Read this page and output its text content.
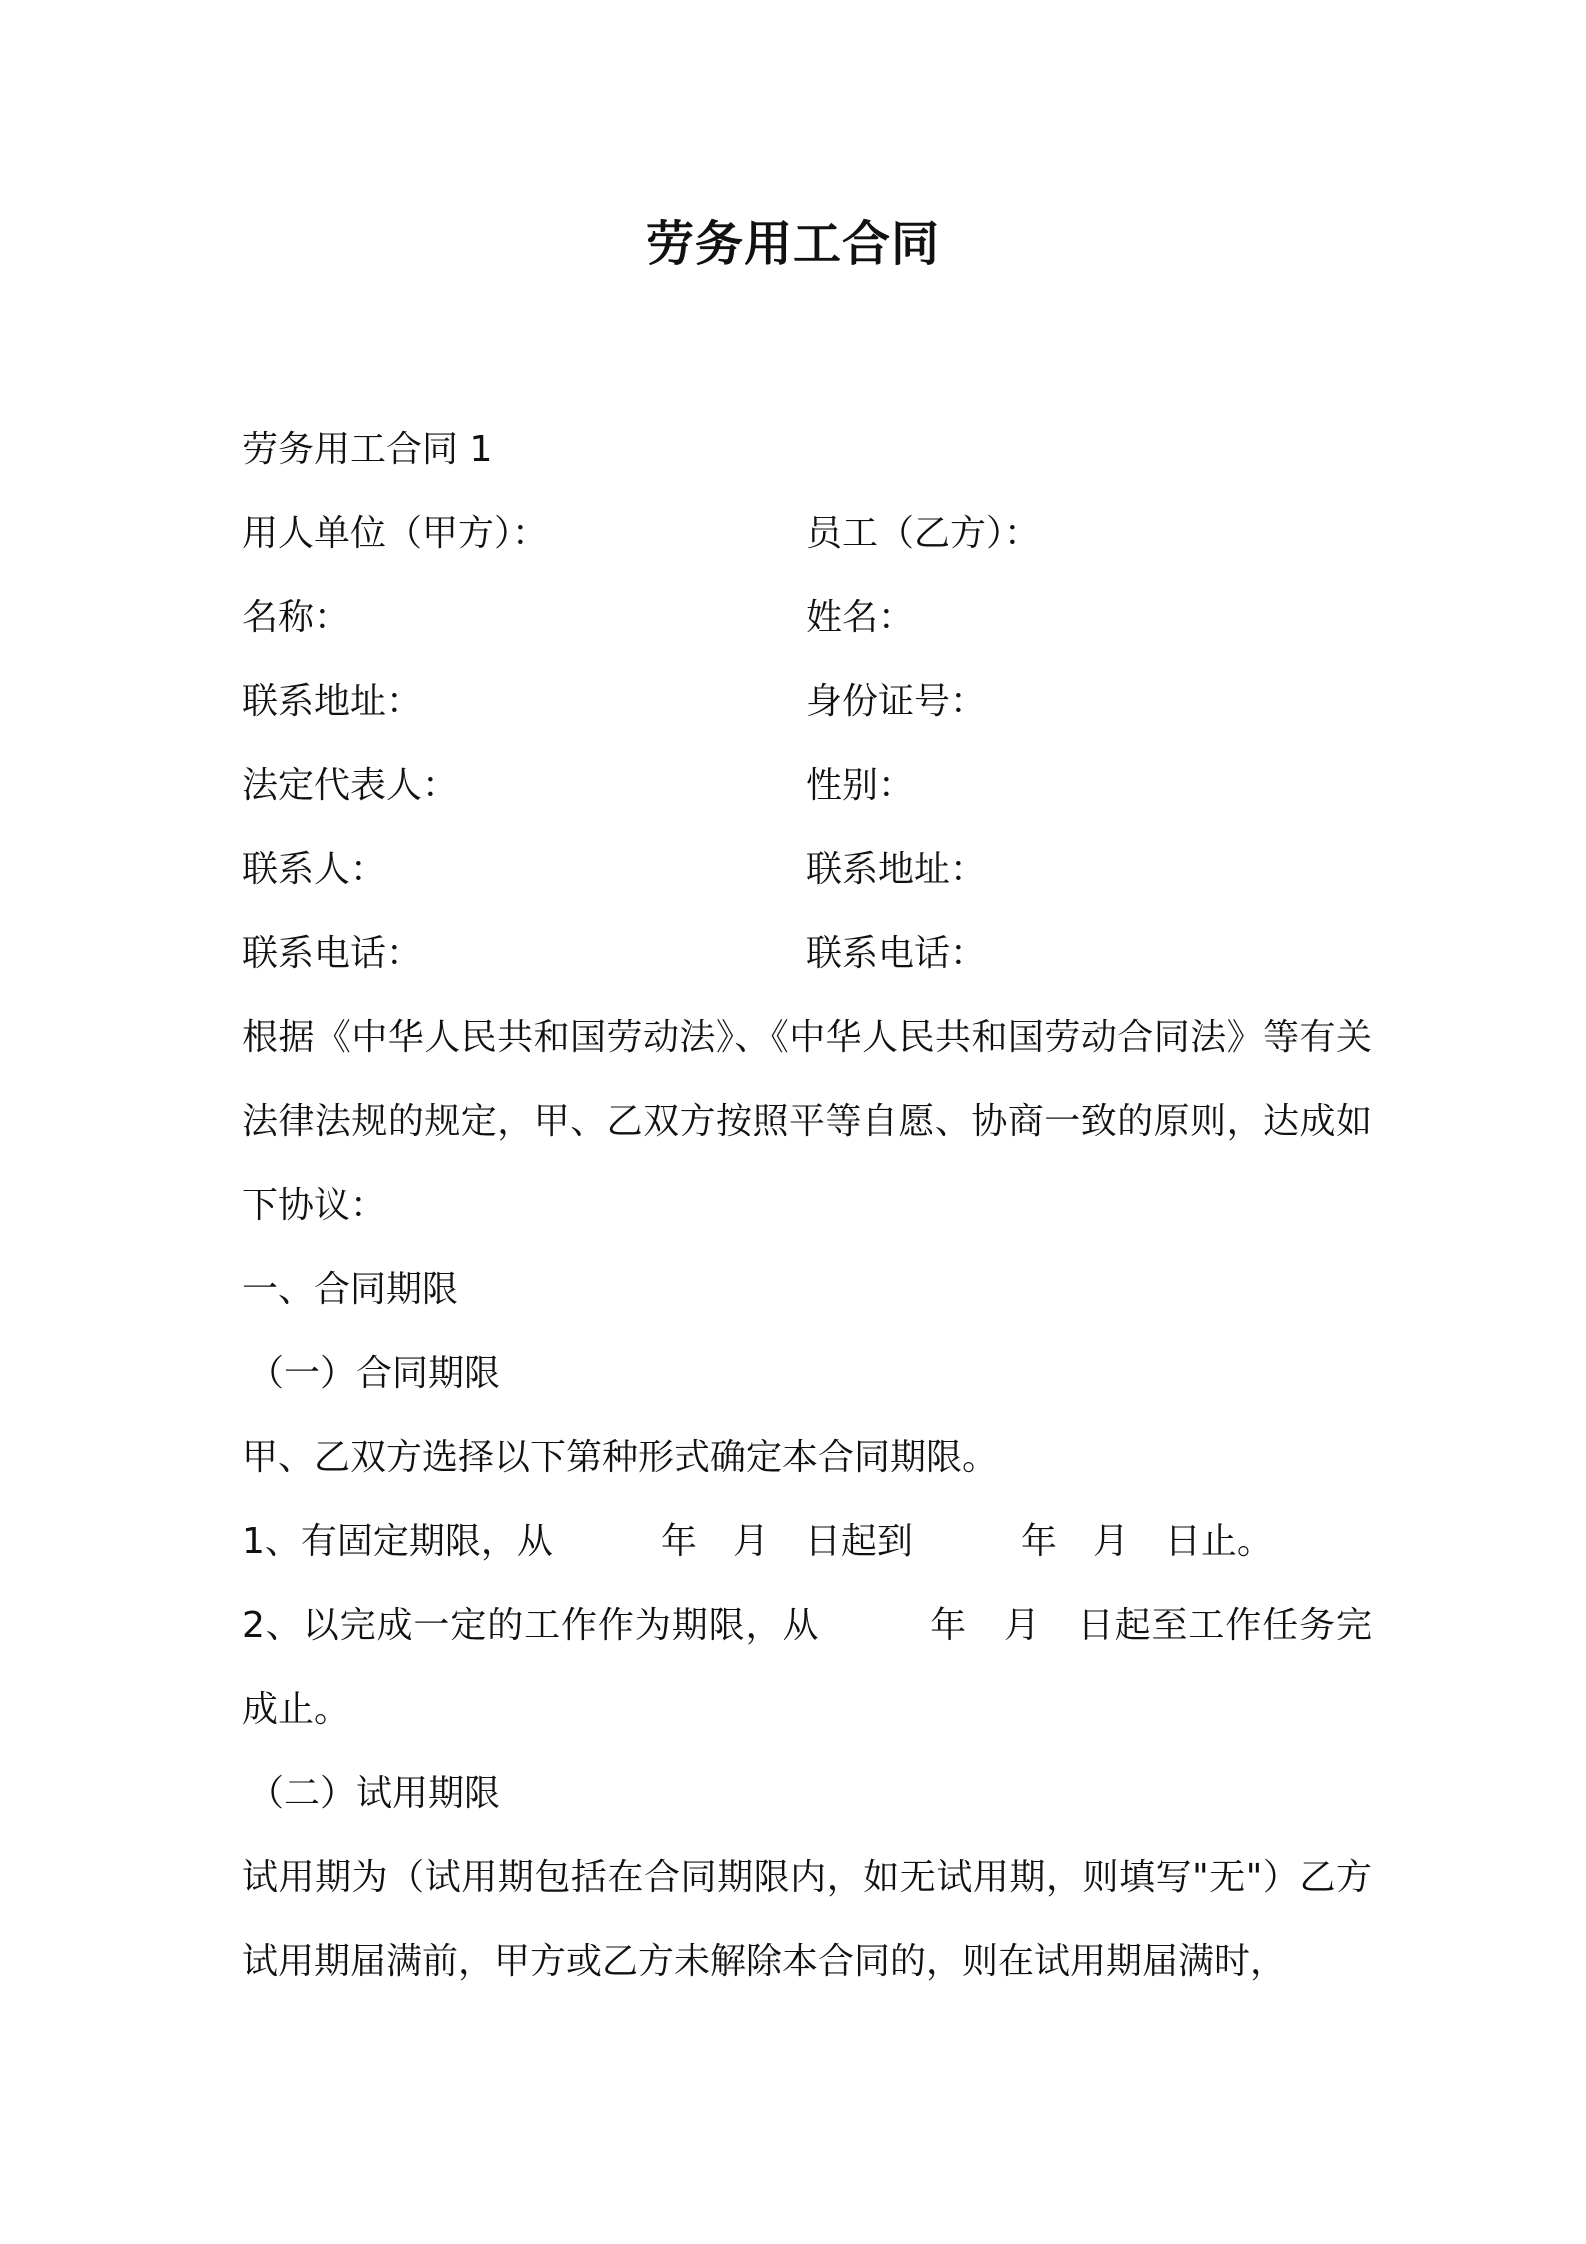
劳务用工合同
劳务用工合同 1
用人单位（甲方）：	员工（乙方）：
名称：	姓名：
联系地址：	身份证号：
法定代表人：	性别：
联系人：	联系地址：
联系电话：	联系电话：
根据《中华人民共和国劳动法》、《中华人民共和国劳动合同法》等有关法律法规的规定，甲、乙双方按照平等自愿、协商一致的原则，达成如下协议：
一、合同期限
（一）合同期限
甲、乙双方选择以下第种形式确定本合同期限。
1、有固定期限，从　　　年　月　日起到　　　年　月　日止。
2、以完成一定的工作作为期限，从　　　年　月　日起至工作任务完成止。
（二）试用期限
试用期为（试用期包括在合同期限内，如无试用期，则填写"无"）乙方试用期届满前，甲方或乙方未解除本合同的，则在试用期届满时，
